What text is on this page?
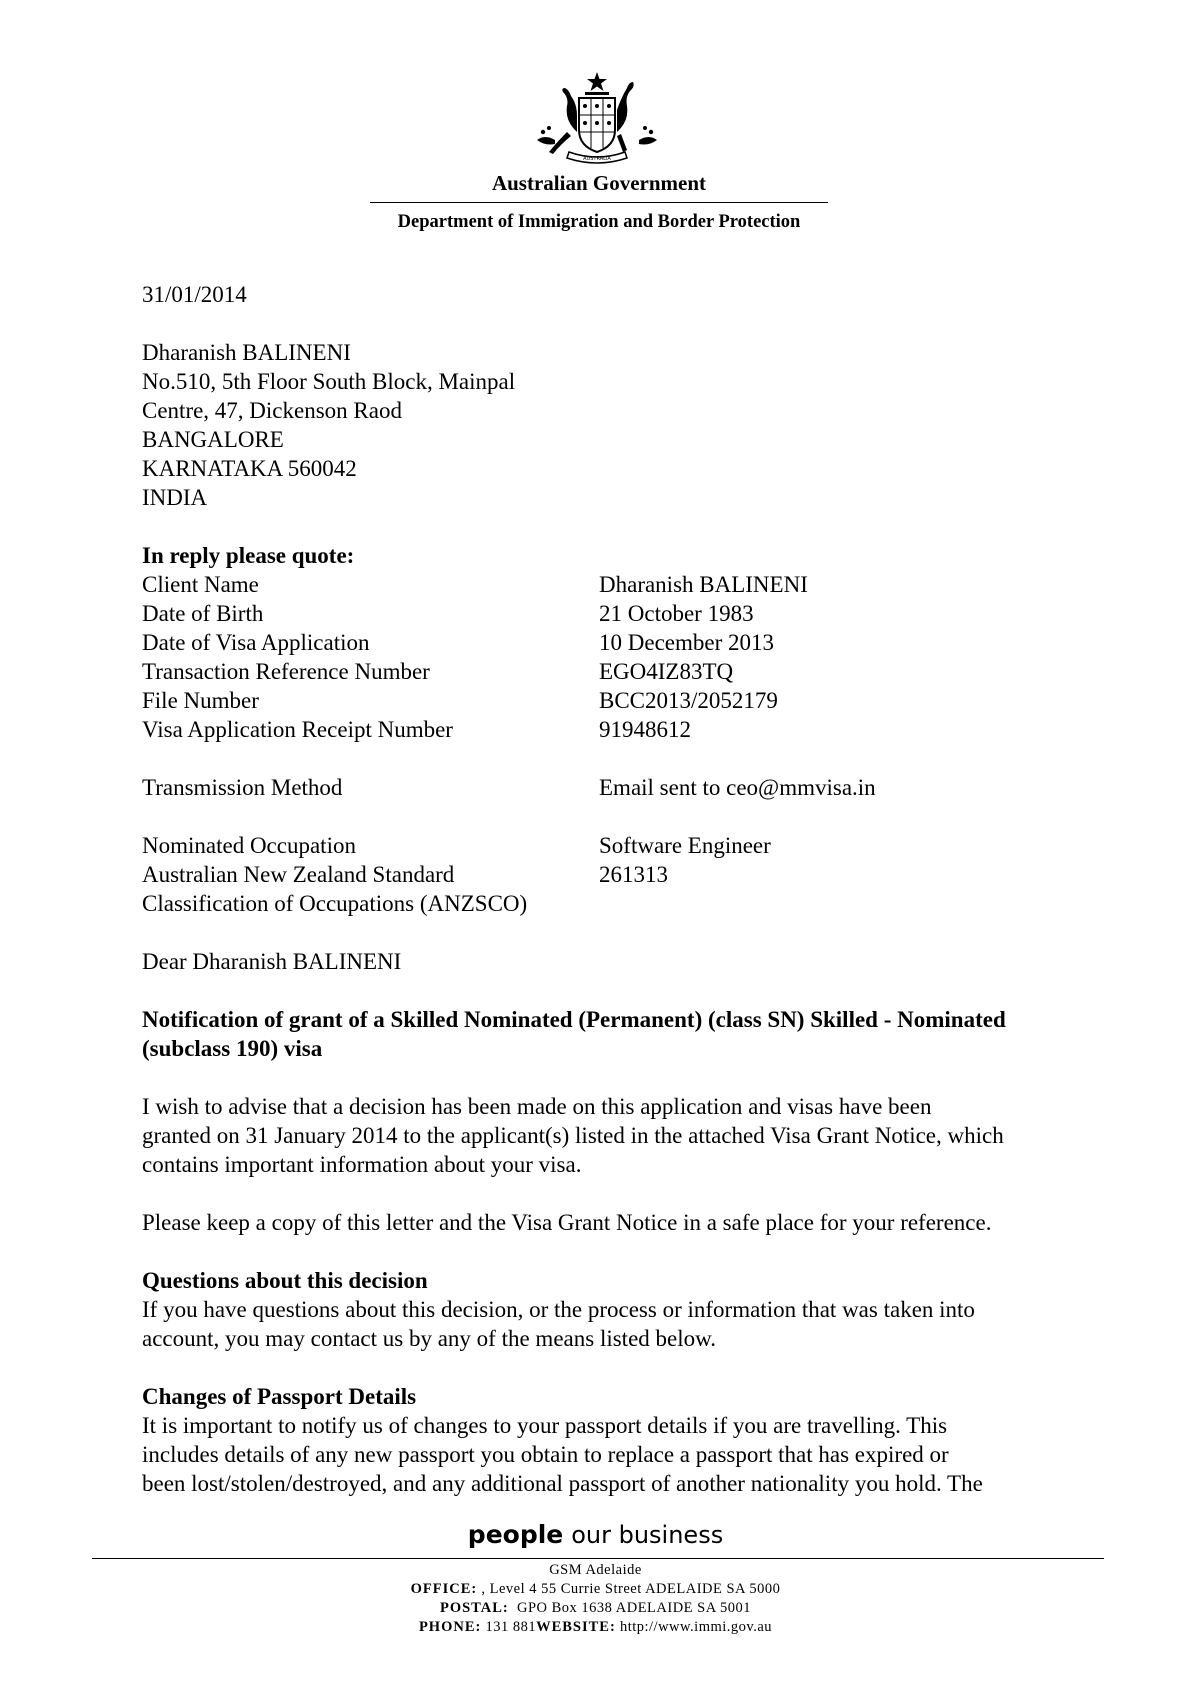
AUSTRALIA
Australian Government
Department of Immigration and Border Protection
31/01/2014
Dharanish BALINENI
No.510, 5th Floor South Block, Mainpal
Centre, 47, Dickenson Raod
BANGALORE
KARNATAKA 560042
INDIA
In reply please quote:
Client Name	Dharanish BALINENI
Date of Birth	21 October 1983
Date of Visa Application	10 December 2013
Transaction Reference Number	EGO4IZ83TQ
File Number	BCC2013/2052179
Visa Application Receipt Number	91948612
Transmission Method	Email sent to ceo@mmvisa.in
Nominated Occupation	Software Engineer
Australian New Zealand Standard	261313
Classification of Occupations (ANZSCO)
Dear Dharanish BALINENI
Notification of grant of a Skilled Nominated (Permanent) (class SN) Skilled - Nominated
(subclass 190) visa
I wish to advise that a decision has been made on this application and visas have been
granted on 31 January 2014 to the applicant(s) listed in the attached Visa Grant Notice, which
contains important information about your visa.
Please keep a copy of this letter and the Visa Grant Notice in a safe place for your reference.
Questions about this decision
If you have questions about this decision, or the process or information that was taken into
account, you may contact us by any of the means listed below.
Changes of Passport Details
It is important to notify us of changes to your passport details if you are travelling. This
includes details of any new passport you obtain to replace a passport that has expired or
been lost/stolen/destroyed, and any additional passport of another nationality you hold. The
people our business
GSM Adelaide
OFFICE: , Level 4 55 Currie Street ADELAIDE SA 5000
POSTAL:  GPO Box 1638 ADELAIDE SA 5001
PHONE: 131 881WEBSITE: http://www.immi.gov.au
